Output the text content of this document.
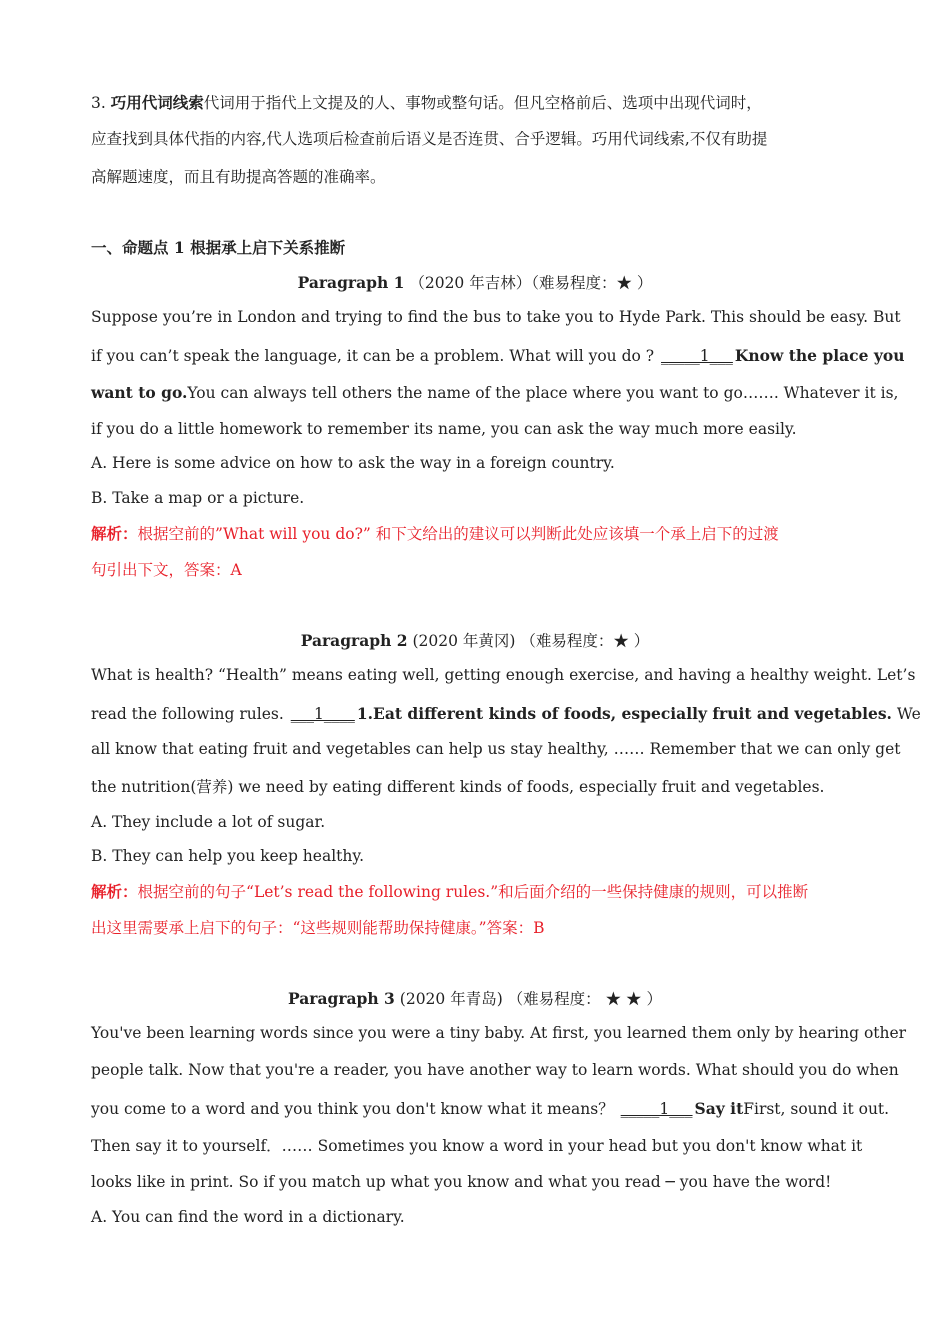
3. 巧用代词线索代词用于指代上文提及的人、事物或整句话。但凡空格前后、选项中出现代词时，
应查找到具体代指的内容,代人选项后检查前后语义是否连贯、合乎逻辑。巧用代词线索,不仅有助提
高解题速度，而且有助提高答题的准确率。
一、命题点 1 根据承上启下关系推断
Paragraph 1 （2020 年吉林）（难易程度：★ ）
Suppose you’re in London and trying to find the bus to take you to Hyde Park. This should be easy. But
if you can’t speak the language, it can be a problem. What will you do ? _____1___ Know the place you
want to go.You can always tell others the name of the place where you want to go……. Whatever it is,
if you do a little homework to remember its name, you can ask the way much more easily.
A. Here is some advice on how to ask the way in a foreign country.
B. Take a map or a picture.
解析：根据空前的”What will you do?” 和下文给出的建议可以判断此处应该填一个承上启下的过渡
句引出下文，答案：A
Paragraph 2 (2020 年黄冈) （难易程度：★ ）
What is health? “Health” means eating well, getting enough exercise, and having a healthy weight. Let’s
read the following rules. ___1____ 1.Eat different kinds of foods, especially fruit and vegetables. We
all know that eating fruit and vegetables can help us stay healthy, …… Remember that we can only get
the nutrition(营养) we need by eating different kinds of foods, especially fruit and vegetables.
A. They include a lot of sugar.
B. They can help you keep healthy.
解析：根据空前的句子“Let’s read the following rules.”和后面介绍的一些保持健康的规则，可以推断
出这里需要承上启下的句子：“这些规则能帮助保持健康。”答案：B
Paragraph 3 (2020 年青岛) （难易程度： ★ ★ ）
You've been learning words since you were a tiny baby. At first, you learned them only by hearing other
people talk. Now that you're a reader, you have another way to learn words. What should you do when
you come to a word and you think you don't know what it means？ _____1___ Say itFirst, sound it out.
Then say it to yourself．…… Sometimes you know a word in your head but you don't know what it
looks like in print. So if you match up what you know and what you read ─ you have the word!
A. You can find the word in a dictionary.
